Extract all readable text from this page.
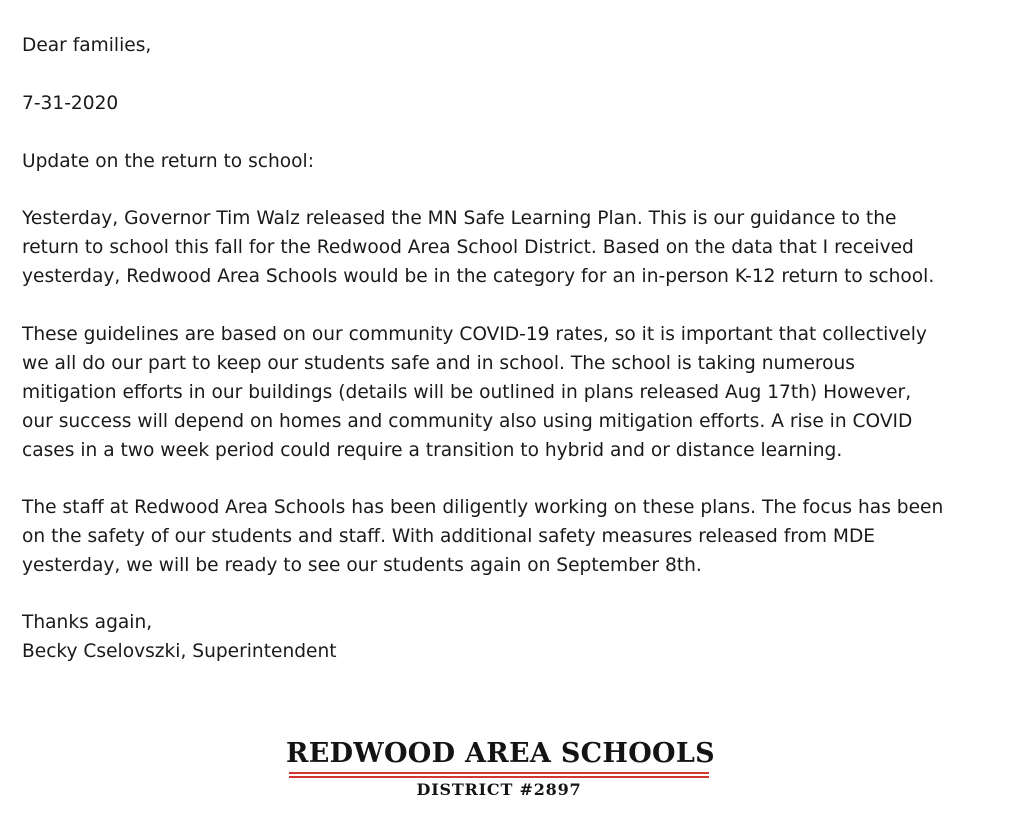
Dear families,

7-31-2020

Update on the return to school:

Yesterday, Governor Tim Walz released the MN Safe Learning Plan. This is our guidance to the
return to school this fall for the Redwood Area School District. Based on the data that I received
yesterday, Redwood Area Schools would be in the category for an in-person K-12 return to school.

These guidelines are based on our community COVID-19 rates, so it is important that collectively
we all do our part to keep our students safe and in school. The school is taking numerous
mitigation efforts in our buildings (details will be outlined in plans released Aug 17th) However,
our success will depend on homes and community also using mitigation efforts. A rise in COVID
cases in a two week period could require a transition to hybrid and or distance learning.

The staff at Redwood Area Schools has been diligently working on these plans. The focus has been
on the safety of our students and staff. With additional safety measures released from MDE
yesterday, we will be ready to see our students again on September 8th.

Thanks again,
Becky Cselovszki, Superintendent

REDWOOD AREA SCHOOLS
DISTRICT #2897
